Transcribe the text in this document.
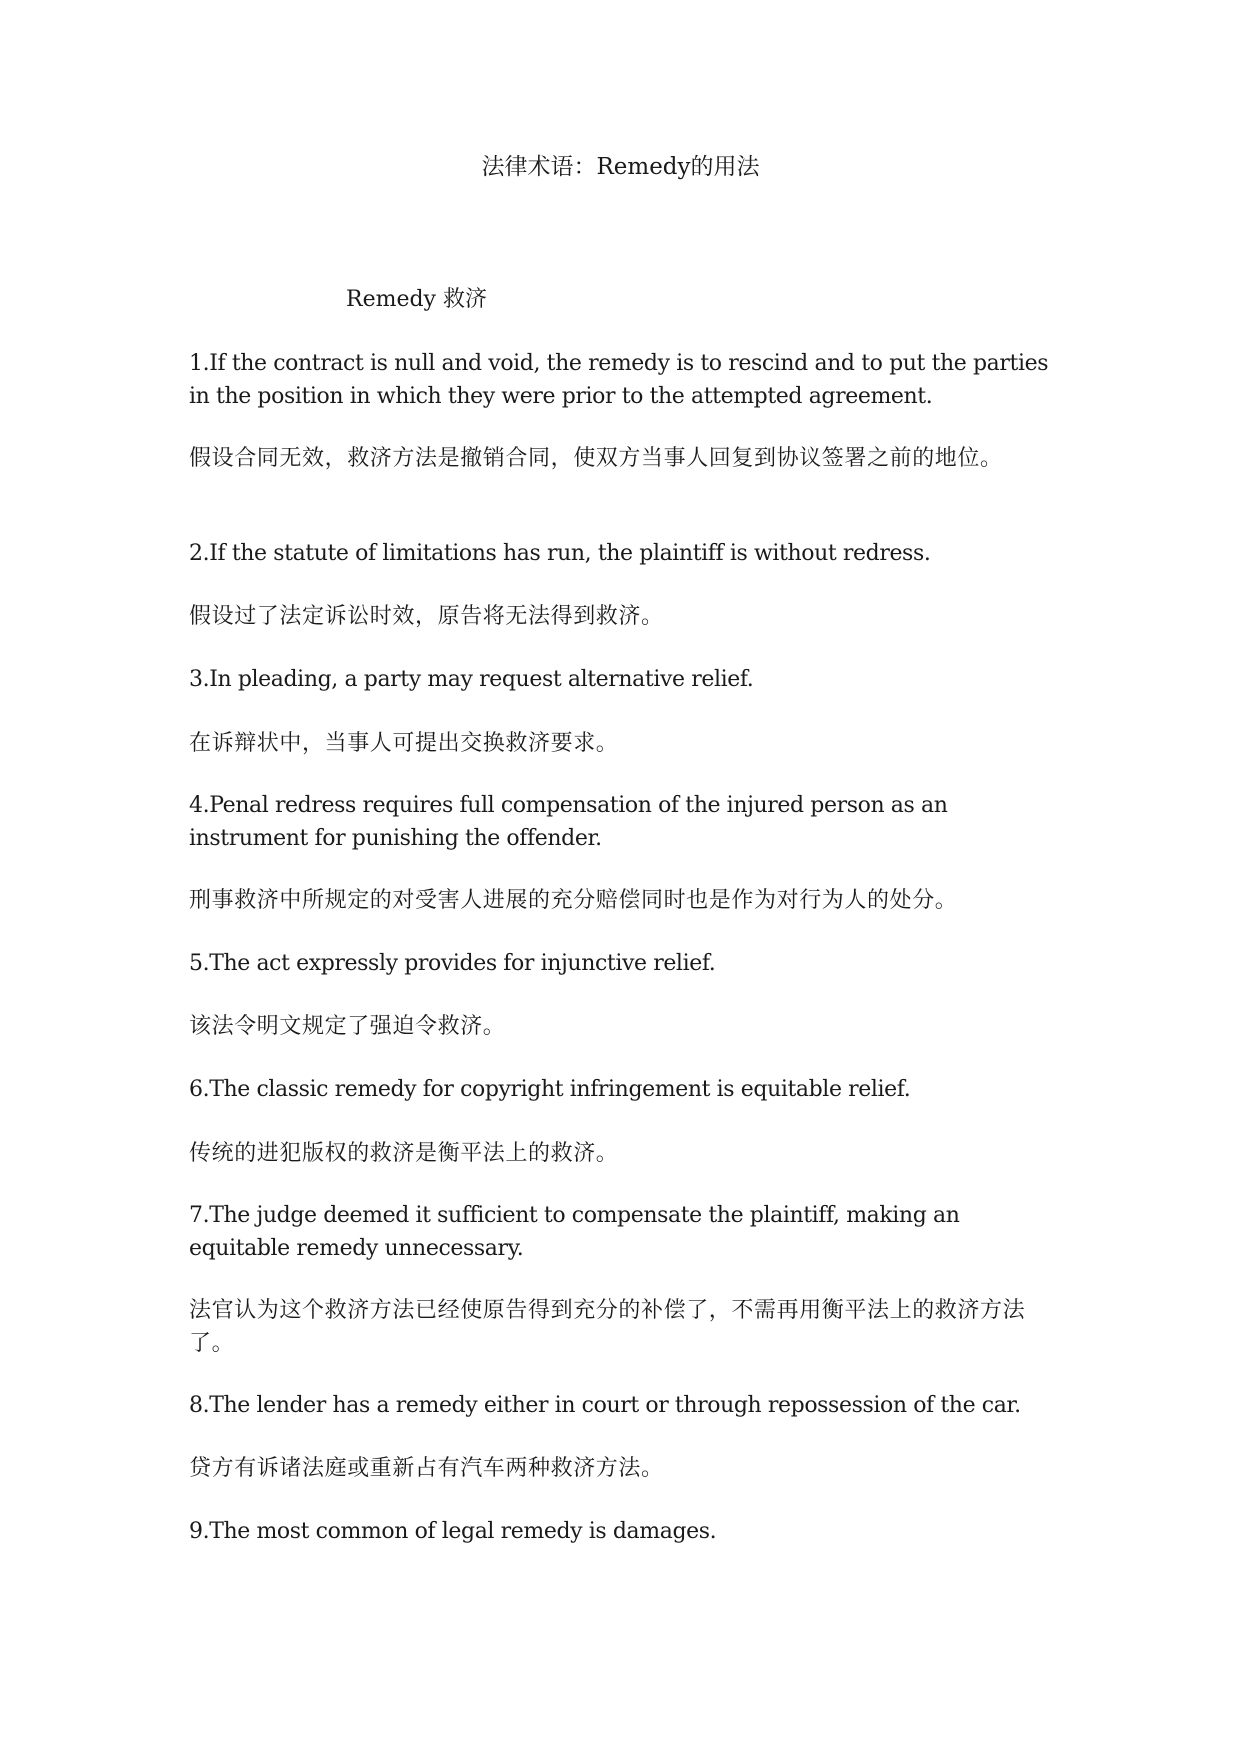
法律术语：Remedy的用法
Remedy 救济

1.If the contract is null and void, the remedy is to rescind and to put the parties in the position in which they were prior to the attempted agreement.

假设合同无效，救济方法是撤销合同，使双方当事人回复到协议签署之前的地位。

2.If the statute of limitations has run, the plaintiff is without redress.

假设过了法定诉讼时效，原告将无法得到救济。

3.In pleading, a party may request alternative relief.

在诉辩状中，当事人可提出交换救济要求。

4.Penal redress requires full compensation of the injured person as an instrument for punishing the offender.

刑事救济中所规定的对受害人进展的充分赔偿同时也是作为对行为人的处分。

5.The act expressly provides for injunctive relief.

该法令明文规定了强迫令救济。

6.The classic remedy for copyright infringement is equitable relief.

传统的进犯版权的救济是衡平法上的救济。

7.The judge deemed it sufficient to compensate the plaintiff, making an equitable remedy unnecessary.

法官认为这个救济方法已经使原告得到充分的补偿了，不需再用衡平法上的救济方法了。

8.The lender has a remedy either in court or through repossession of the car.

贷方有诉诸法庭或重新占有汽车两种救济方法。

9.The most common of legal remedy is damages.
